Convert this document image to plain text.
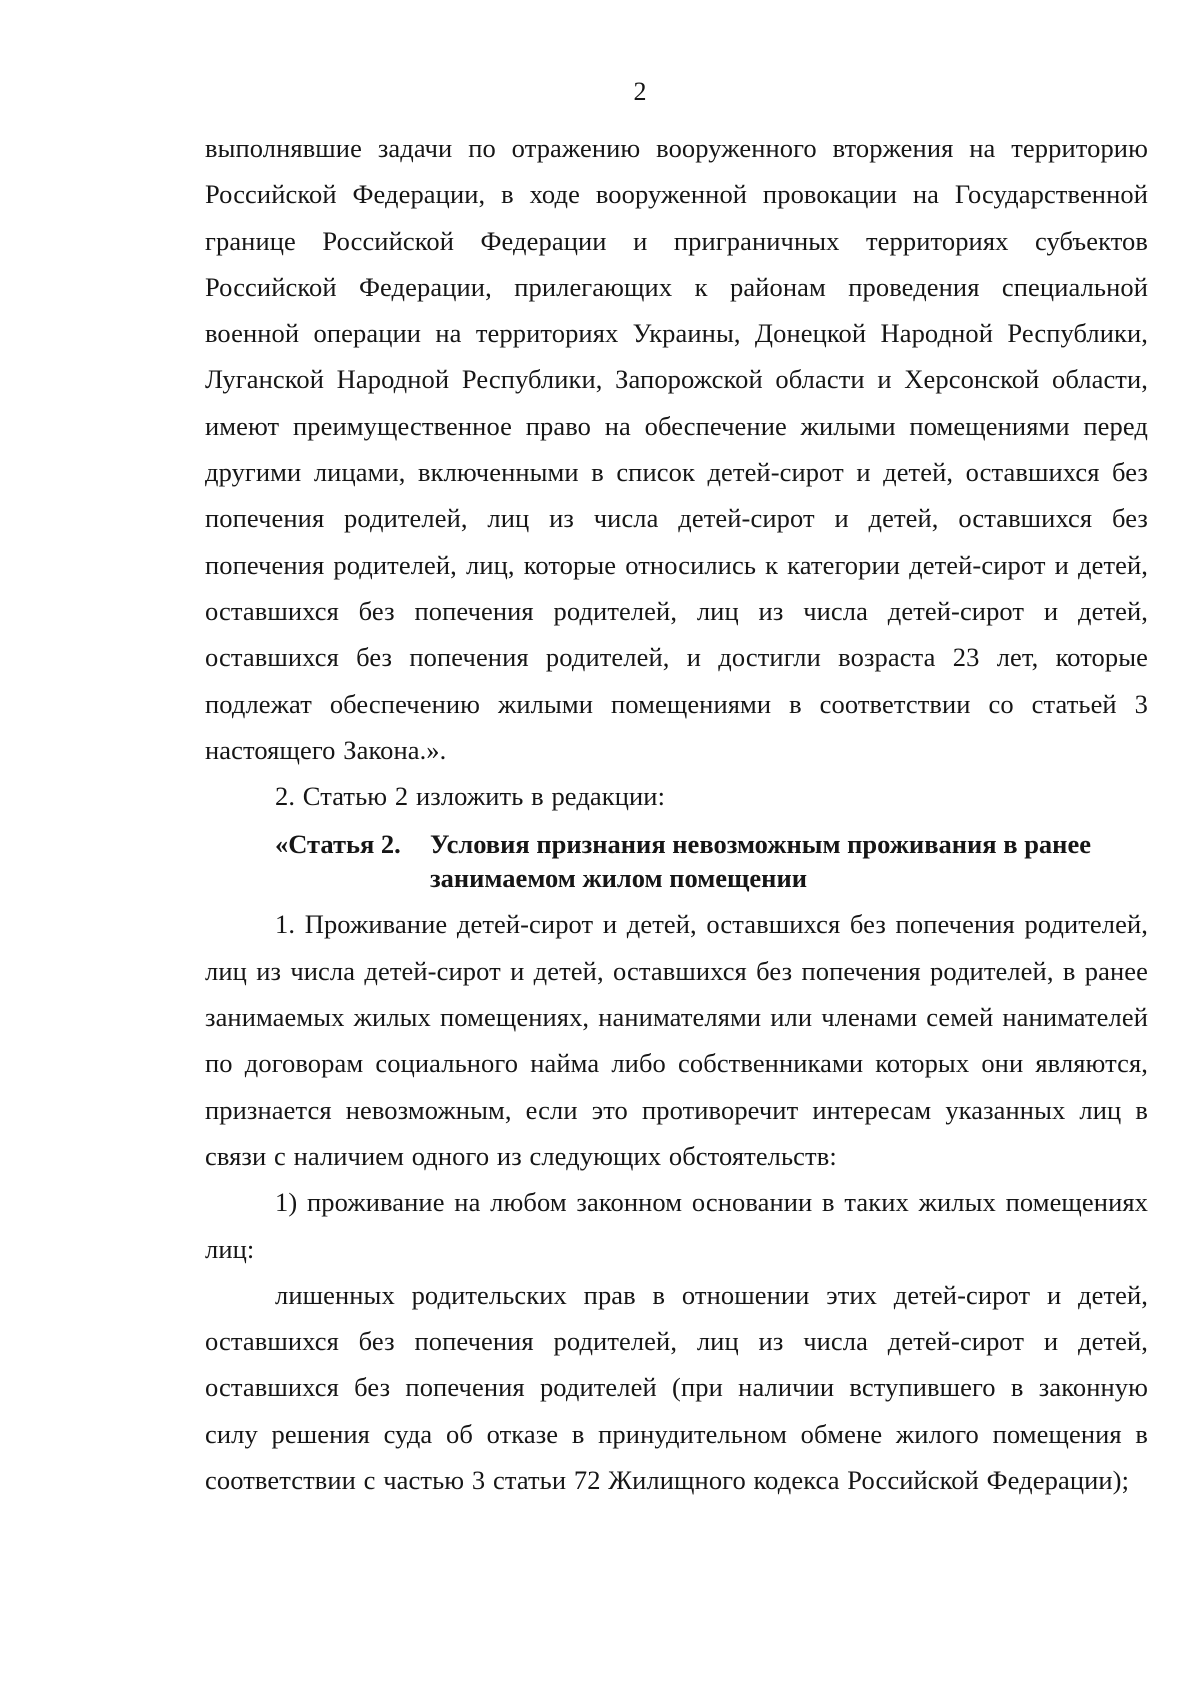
2

выполнявшие задачи по отражению вооруженного вторжения на территорию Российской Федерации, в ходе вооруженной провокации на Государственной границе Российской Федерации и приграничных территориях субъектов Российской Федерации, прилегающих к районам проведения специальной военной операции на территориях Украины, Донецкой Народной Республики, Луганской Народной Республики, Запорожской области и Херсонской области, имеют преимущественное право на обеспечение жилыми помещениями перед другими лицами, включенными в список детей-сирот и детей, оставшихся без попечения родителей, лиц из числа детей-сирот и детей, оставшихся без попечения родителей, лиц, которые относились к категории детей-сирот и детей, оставшихся без попечения родителей, лиц из числа детей-сирот и детей, оставшихся без попечения родителей, и достигли возраста 23 лет, которые подлежат обеспечению жилыми помещениями в соответствии со статьей 3 настоящего Закона.».

2. Статью 2 изложить в редакции:

«Статья 2. Условия признания невозможным проживания в ранее занимаемом жилом помещении

1. Проживание детей-сирот и детей, оставшихся без попечения родителей, лиц из числа детей-сирот и детей, оставшихся без попечения родителей, в ранее занимаемых жилых помещениях, нанимателями или членами семей нанимателей по договорам социального найма либо собственниками которых они являются, признается невозможным, если это противоречит интересам указанных лиц в связи с наличием одного из следующих обстоятельств:

1) проживание на любом законном основании в таких жилых помещениях лиц:

лишенных родительских прав в отношении этих детей-сирот и детей, оставшихся без попечения родителей, лиц из числа детей-сирот и детей, оставшихся без попечения родителей (при наличии вступившего в законную силу решения суда об отказе в принудительном обмене жилого помещения в соответствии с частью 3 статьи 72 Жилищного кодекса Российской Федерации);
